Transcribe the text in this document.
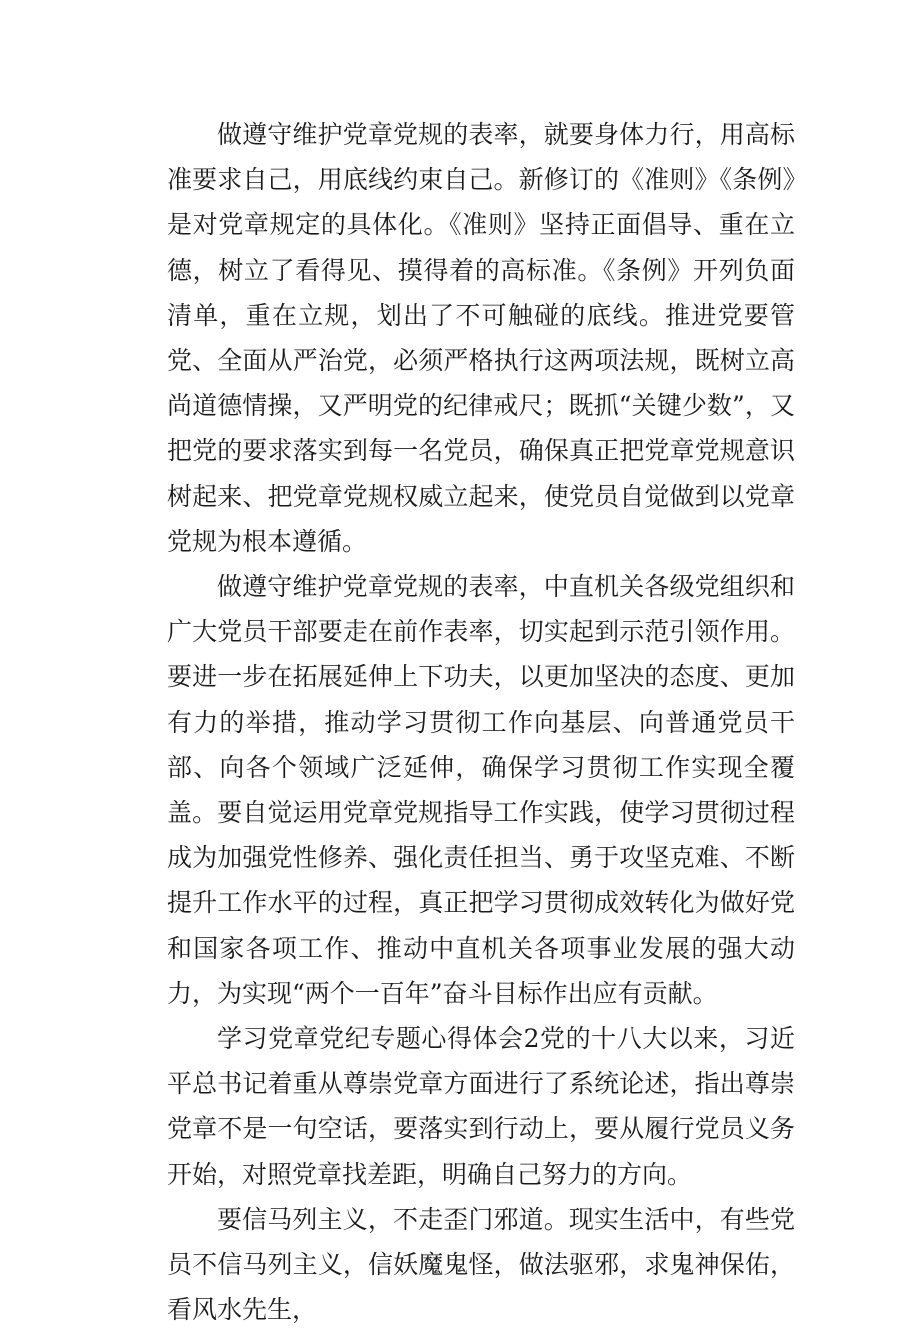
做遵守维护党章党规的表率，就要身体力行，用高标准要求自己，用底线约束自己。新修订的《准则》《条例》是对党章规定的具体化。《准则》坚持正面倡导、重在立德，树立了看得见、摸得着的高标准。《条例》开列负面清单，重在立规，划出了不可触碰的底线。推进党要管党、全面从严治党，必须严格执行这两项法规，既树立高尚道德情操，又严明党的纪律戒尺；既抓“关键少数”，又把党的要求落实到每一名党员，确保真正把党章党规意识树起来、把党章党规权威立起来，使党员自觉做到以党章党规为根本遵循。

做遵守维护党章党规的表率，中直机关各级党组织和广大党员干部要走在前作表率，切实起到示范引领作用。要进一步在拓展延伸上下功夫，以更加坚决的态度、更加有力的举措，推动学习贯彻工作向基层、向普通党员干部、向各个领域广泛延伸，确保学习贯彻工作实现全覆盖。要自觉运用党章党规指导工作实践，使学习贯彻过程成为加强党性修养、强化责任担当、勇于攻坚克难、不断提升工作水平的过程，真正把学习贯彻成效转化为做好党和国家各项工作、推动中直机关各项事业发展的强大动力，为实现“两个一百年”奋斗目标作出应有贡献。

学习党章党纪专题心得体会2党的十八大以来，习近平总书记着重从尊崇党章方面进行了系统论述，指出尊崇党章不是一句空话，要落实到行动上，要从履行党员义务开始，对照党章找差距，明确自己努力的方向。

要信马列主义，不走歪门邪道。现实生活中，有些党员不信马列主义，信妖魔鬼怪，做法驱邪，求鬼神保佑，看风水先生，
